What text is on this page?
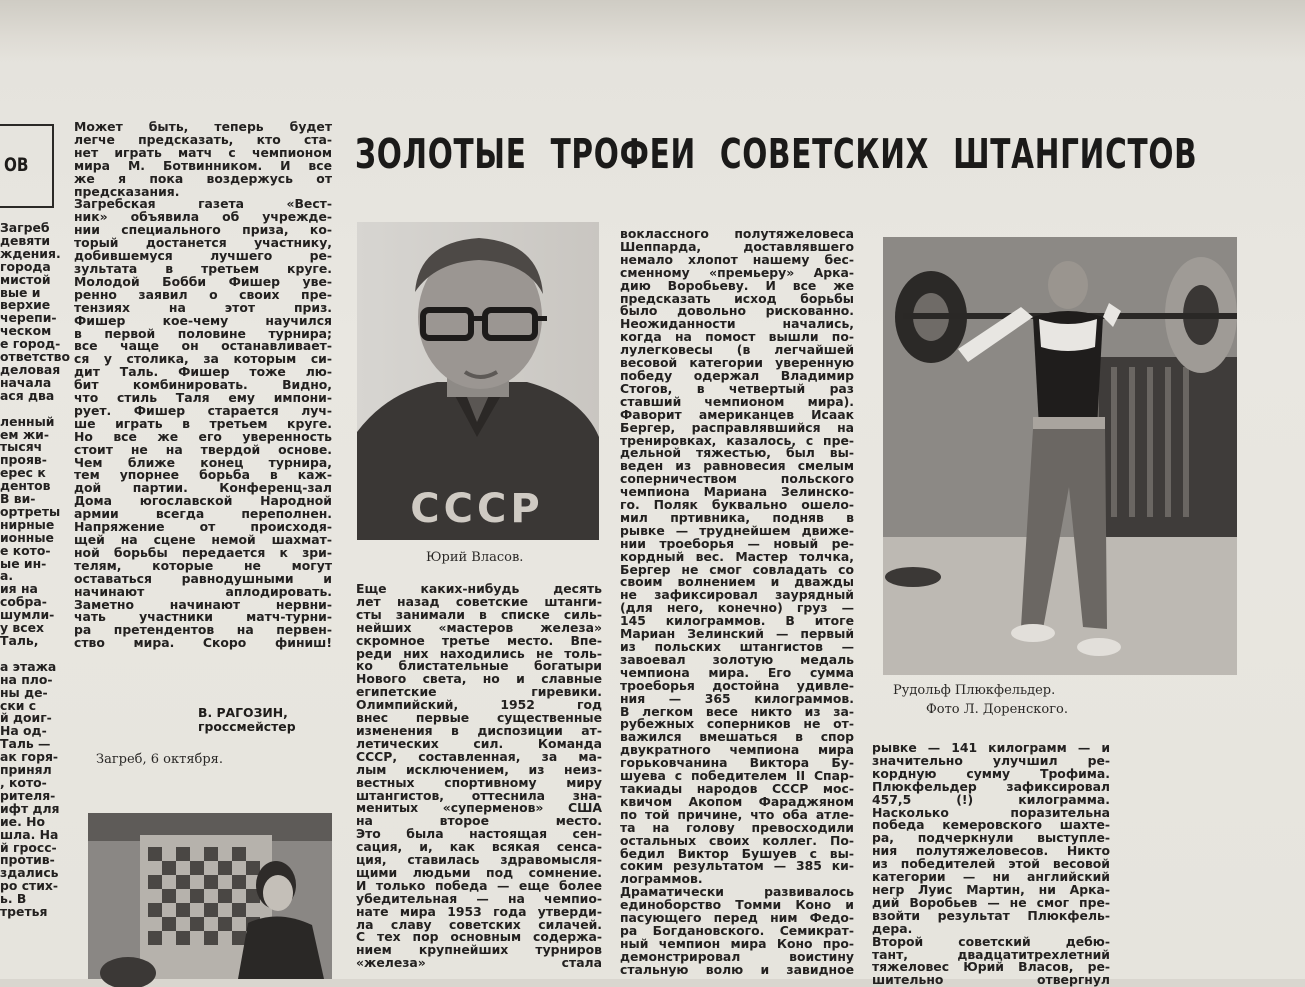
ОВ
Загреб
девяти
ждения.
города
мистой
вые и
верхие
черепи-
ческом
е город-
ответство
деловая
начала
ася два

ленный
ем жи-
тысяч
прояв-
ерес к
дентов
В ви-
ортреты
нирные
ионные
е кото-
ые ин-
а.
ия на
собра-
шумли-
у всех
Таль,

а этажа
на пло-
ны де-
ски с
й доиг-
На од-
Таль —
ак горя-
принял
, кото-
рителя-
ифт для
ие. Но
шла. На
й гросс-
против-
здались
ро стих-
ь. В
третья
Может быть, теперь будет
легче предсказать, кто ста-
нет играть матч с чемпионом
мира М. Ботвинником. И все
же я пока воздержусь от
предсказания.
Загребская газета «Вест-
ник» объявила об учрежде-
нии специального приза, ко-
торый достанется участнику,
добившемуся лучшего ре-
зультата в третьем круге.
Молодой Бобби Фишер уве-
ренно заявил о своих пре-
тензиях на этот приз.
Фишер кое-чему научился
в первой половине турнира;
все чаще он останавливает-
ся у столика, за которым си-
дит Таль. Фишер тоже лю-
бит комбинировать. Видно,
что стиль Таля ему импони-
рует. Фишер старается луч-
ше играть в третьем круге.
Но все же его уверенность
стоит не на твердой основе.
Чем ближе конец турнира,
тем упорнее борьба в каж-
дой партии. Конференц-зал
Дома югославской Народной
армии всегда переполнен.
Напряжение от происходя-
щей на сцене немой шахмат-
ной борьбы передается к зри-
телям, которые не могут
оставаться равнодушными и
начинают аплодировать.
Заметно начинают нервни-
чать участники матч-турни-
ра претендентов на первен-
ство мира. Скоро финиш!
В. РАГОЗИН,
гроссмейстер
Загреб, 6 октября.
ЗОЛОТЫЕ ТРОФЕИ СОВЕТСКИХ ШТАНГИСТОВ
СССР
Юрий Власов.
Еще каких-нибудь десять
лет назад советские штанги-
сты занимали в списке силь-
нейших «мастеров железа»
скромное третье место. Впе-
реди них находились не толь-
ко блистательные богатыри
Нового света, но и славные
египетские гиревики.
Олимпийский, 1952 год
внес первые существенные
изменения в диспозиции ат-
летических сил. Команда
СССР, составленная, за ма-
лым исключением, из неиз-
вестных спортивному миру
штангистов, оттеснила зна-
менитых «суперменов» США
на второе место.
Это была настоящая сен-
сация, и, как всякая сенса-
ция, ставилась здравомысля-
щими людьми под сомнение.
И только победа — еще более
убедительная — на чемпио-
нате мира 1953 года утверди-
ла славу советских силачей.
С тех пор основным содержа-
нием крупнейших турниров
«железа» стала
воклассного полутяжеловеса
Шеппарда, доставлявшего
немало хлопот нашему бес-
сменному «премьеру» Арка-
дию Воробьеву. И все же
предсказать исход борьбы
было довольно рискованно.
Неожиданности начались,
когда на помост вышли по-
лулегковесы (в легчайшей
весовой категории уверенную
победу одержал Владимир
Стогов, в четвертый раз
ставший чемпионом мира).
Фаворит американцев Исаак
Бергер, расправлявшийся на
тренировках, казалось, с пре-
дельной тяжестью, был вы-
веден из равновесия смелым
соперничеством польского
чемпиона Мариана Зелинско-
го. Поляк буквально ошело-
мил пртивника, подняв в
рывке — труднейшем движе-
нии троеборья — новый ре-
кордный вес. Мастер толчка,
Бергер не смог совладать со
своим волнением и дважды
не зафиксировал заурядный
(для него, конечно) груз —
145 килограммов. В итоге
Мариан Зелинский — первый
из польских штангистов —
завоевал золотую медаль
чемпиона мира. Его сумма
троеборья достойна удивле-
ния — 365 килограммов.
В легком весе никто из за-
рубежных соперников не от-
важился вмешаться в спор
двукратного чемпиона мира
горьковчанина Виктора Бу-
шуева с победителем II Спар-
такиады народов СССР мос-
квичом Акопом Фараджяном
по той причине, что оба атле-
та на голову превосходили
остальных своих коллег. По-
бедил Виктор Бушуев с вы-
соким результатом — 385 ки-
лограммов.
Драматически развивалось
единоборство Томми Коно и
пасующего перед ним Федо-
ра Богдановского. Семикрат-
ный чемпион мира Коно про-
демонстрировал воистину
стальную волю и завидное
Рудольф Плюкфельдер.
Фото Л. Доренского.
рывке — 141 килограмм — и
значительно улучшил ре-
кордную сумму Трофима.
Плюкфельдер зафиксировал
457,5 (!) килограмма.
Насколько поразительна
победа кемеровского шахте-
ра, подчеркнули выступле-
ния полутяжеловесов. Никто
из победителей этой весовой
категории — ни английский
негр Луис Мартин, ни Арка-
дий Воробьев — не смог пре-
взойти результат Плюкфель-
дера.
Второй советский дебю-
тант, двадцатитрехлетний
тяжеловес Юрий Власов, ре-
шительно отвергнул
